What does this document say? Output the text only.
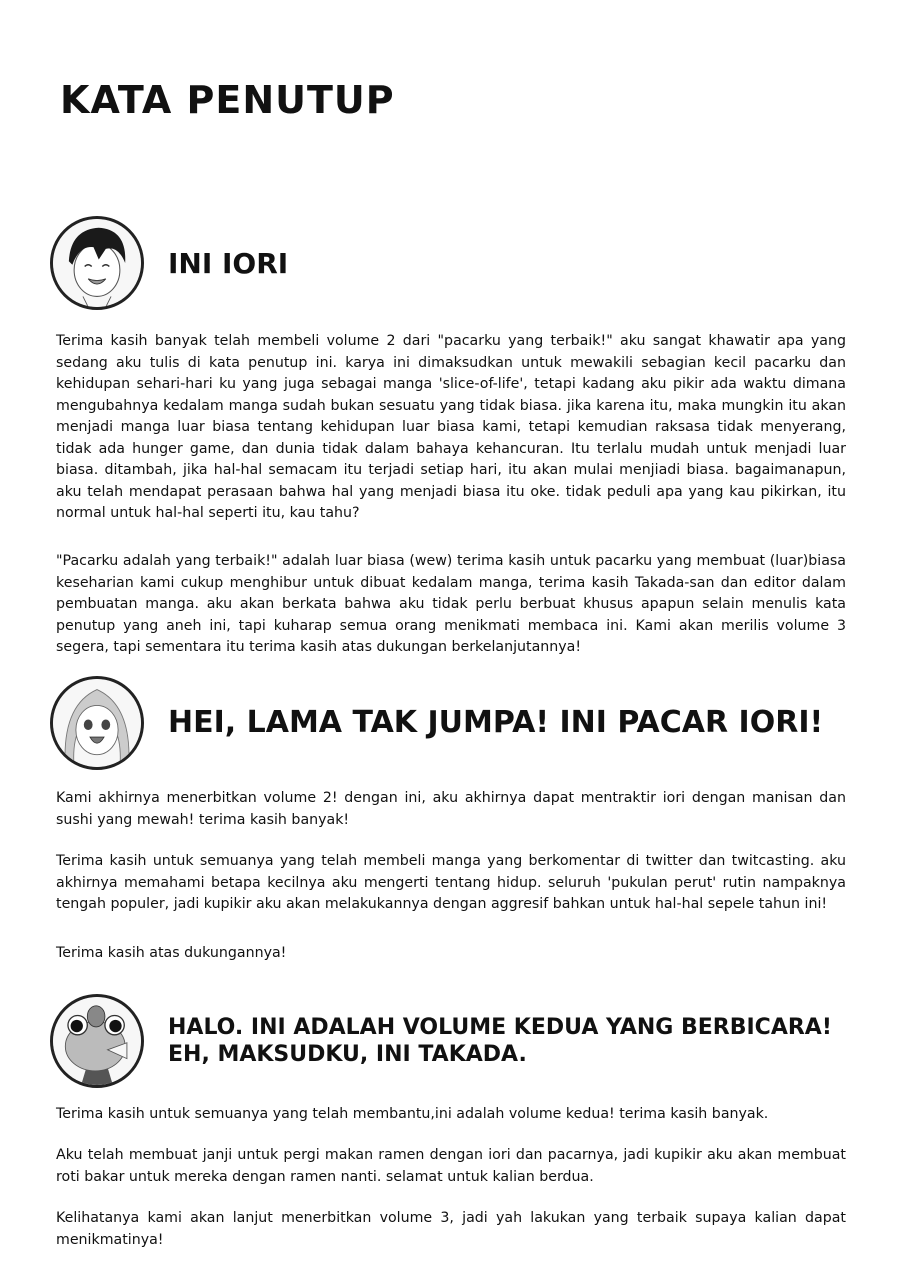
KATA PENUTUP
INI IORI

Terima kasih banyak telah membeli volume 2 dari "pacarku yang terbaik!" aku sangat khawatir apa yang sedang aku tulis di kata penutup ini. karya ini dimaksudkan untuk mewakili sebagian kecil pacarku dan kehidupan sehari-hari ku yang juga sebagai manga 'slice-of-life', tetapi kadang aku pikir ada waktu dimana mengubahnya kedalam manga sudah bukan sesuatu yang tidak biasa. jika karena itu, maka mungkin itu akan menjadi manga luar biasa tentang kehidupan luar biasa kami, tetapi kemudian raksasa tidak menyerang, tidak ada hunger game, dan dunia tidak dalam bahaya kehancuran. Itu terlalu mudah untuk menjadi luar biasa. ditambah, jika hal-hal semacam itu terjadi setiap hari, itu akan mulai menjiadi biasa. bagaimanapun, aku telah mendapat perasaan bahwa hal yang menjadi biasa itu oke. tidak peduli apa yang kau pikirkan, itu normal untuk hal-hal seperti itu, kau tahu?

"Pacarku adalah yang terbaik!" adalah luar biasa (wew) terima kasih untuk pacarku yang membuat (luar)biasa keseharian kami cukup menghibur untuk dibuat kedalam manga, terima kasih Takada-san dan editor dalam pembuatan manga. aku akan berkata bahwa aku tidak perlu berbuat khusus apapun selain menulis kata penutup yang aneh ini, tapi kuharap semua orang menikmati membaca ini. Kami akan merilis volume 3 segera, tapi sementara itu terima kasih atas dukungan berkelanjutannya!

HEI, LAMA TAK JUMPA! INI PACAR IORI!

Kami akhirnya menerbitkan volume 2! dengan ini, aku akhirnya dapat mentraktir iori dengan manisan dan sushi yang mewah! terima kasih banyak!

Terima kasih untuk semuanya yang telah membeli manga yang berkomentar di twitter dan twitcasting. aku akhirnya memahami betapa kecilnya aku mengerti tentang hidup. seluruh 'pukulan perut' rutin nampaknya tengah populer, jadi kupikir aku akan melakukannya dengan aggresif bahkan untuk hal-hal sepele tahun ini!

Terima kasih atas dukungannya!

HALO. INI ADALAH VOLUME KEDUA YANG BERBICARA!
EH, MAKSUDKU, INI TAKADA.

Terima kasih untuk semuanya yang telah membantu,ini adalah volume kedua! terima kasih banyak.

Aku telah membuat janji untuk pergi makan ramen dengan iori dan pacarnya, jadi kupikir aku akan membuat roti bakar untuk mereka dengan ramen nanti. selamat untuk kalian berdua.

Kelihatanya kami akan lanjut menerbitkan volume 3, jadi yah lakukan yang terbaik supaya kalian dapat menikmatinya!
